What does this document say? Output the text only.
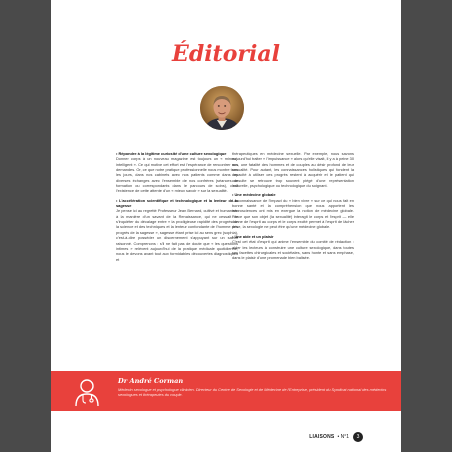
Éditorial

• Répondre à la légitime curiosité d'une culture sexologique

Donner corps à un nouveau magazine est toujours un « mineur-intelligent ». Ce qui motive cet effort est l'espérance de rencontrer nos demandes. Or, ce que notre pratique professionnelle nous montre tous les jours, dans nos cabinets avec nos patients comme dans les diverses échanges avec l'ensemble de nos confrères (séances de formation ou correspondants dans le parcours de soins), c'est l'existence de cette attente d'un « mieux savoir » sur la sexualité.

• L'accélération scientifique et technologique et la lenteur de la sagesse

Je pense ici au regretté Professeur Jean Bernard, cultivé et humaniste à la manière d'un savant de la Renaissance, qui ne cessait de s'inquiéter du décalage entre « la prodigieuse rapidité des progrès de la science et des techniques et la lenteur confondante de l'homme des progrès de la sagesse », sagesse étant prise ici au sens grec (sophia), c'est-à-dire posséder un discernement s'appuyant sur un savoir raisonné. Comprenons : s'il ne fait pas de doute que « les questions intimes » relèvent aujourd'hui de la pratique médicale quotidienne, nous le devons avant tout aux formidables découvertes diagnostiques et

thérapeutiques en médecine sexuelle. Par exemple, nous savons aujourd'hui traiter « l'impuissance » alors qu'elle visait, il y a à peine 30 ans, une fatalité des hommes et de couples au désir profond de leur sexualité. Pour autant, les connaissances holistiques qui fondent la capacité à utiliser ces progrès restent à acquérir et le patient qui consulte se retrouve trop souvent piégé d'une représentation culturelle, psychologique ou technologique du soignant.

• Une médecine globale

La connaissance de l'impact du « bien vivre » sur ce qui nous fait en bonne santé et la compréhension que nous apportent les neurosciences ont mis en exergue la notion de médecine globale. Parce que son objet (la sexualité) interagit le corps et l'esprit — elle donne de l'esprit au corps et le corps excité permet à l'esprit de lâcher prise, la sexologie ne peut être qu'une médecine globale.

• Une aide et un plaisir

C'est cet état d'esprit qui anime l'ensemble du comité de rédaction : aider les lecteurs à construire une culture sexologique, dans toutes ses facettes chirurgicales et sociétales, sans honte et sans emphase, dans le plaisir d'une promenade bien balisée.

Dr André Corman
Médecin sexologue et psychologue clinicien. Directeur du Centre de Sexologie et de Médecine de l'Entreprise, président du Syndicat national des médecins sexologues et thérapeutes du couple.
LIAISONS • N°1	3
